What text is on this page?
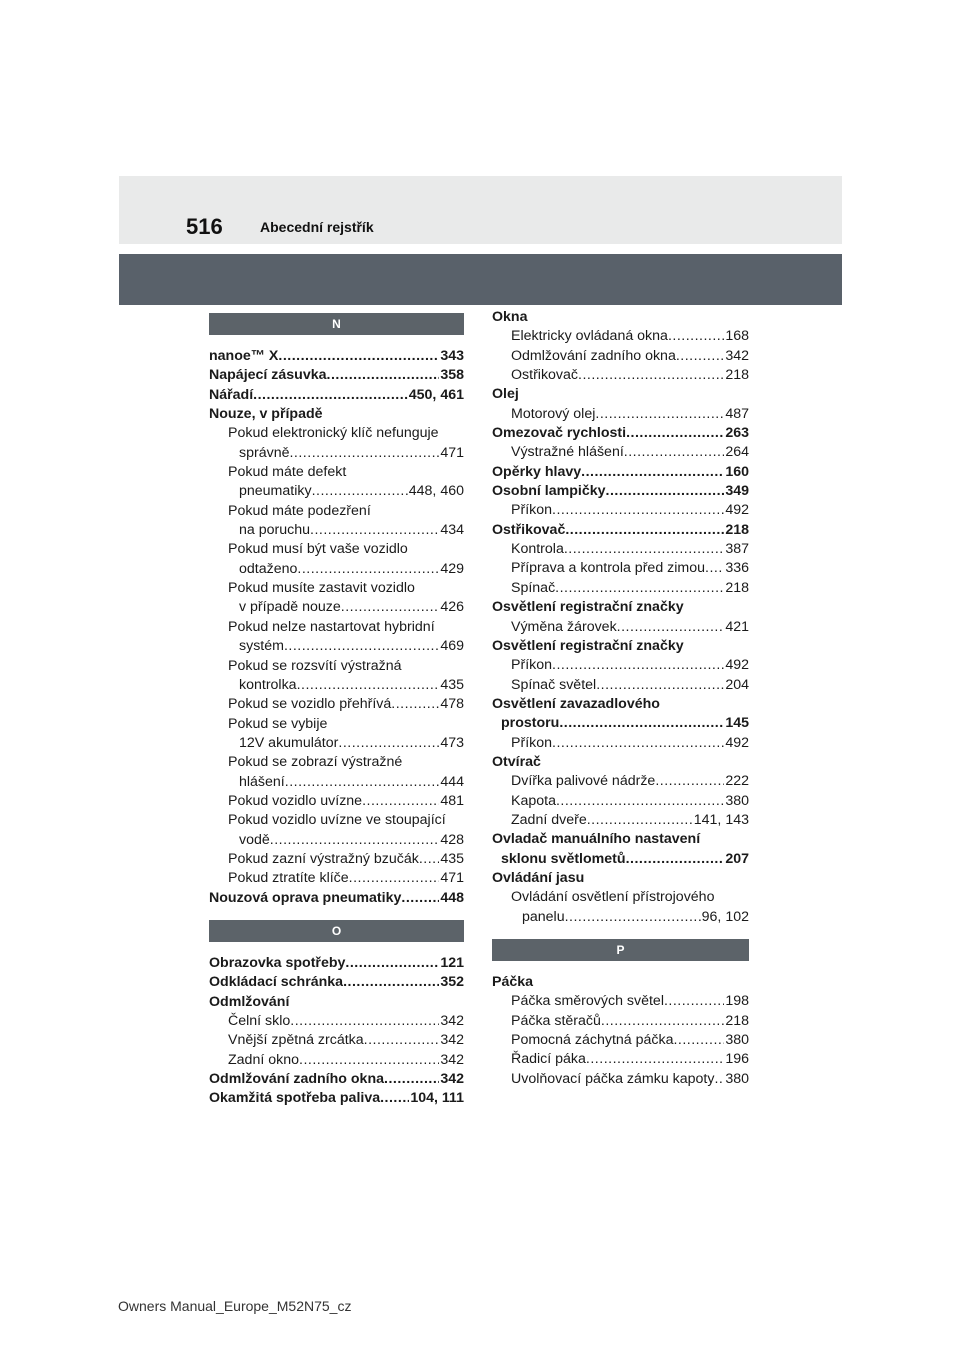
516	Abecední rejstřík
N
nanoe™ X .....	343
Napájecí zásuvka .....	358
Nářadí .....	450, 461
Nouze, v případě
Pokud elektronický klíč nefunguje
správně .....	471
Pokud máte defekt
pneumatiky .....	448, 460
Pokud máte podezření
na poruchu .....	434
Pokud musí být vaše vozidlo
odtaženo .....	429
Pokud musíte zastavit vozidlo
v případě nouze .....	426
Pokud nelze nastartovat hybridní
systém .....	469
Pokud se rozsvítí výstražná
kontrolka .....	435
Pokud se vozidlo přehřívá .....	478
Pokud se vybije
12V akumulátor .....	473
Pokud se zobrazí výstražné
hlášení .....	444
Pokud vozidlo uvízne .....	481
Pokud vozidlo uvízne ve stoupající
vodě .....	428
Pokud zazní výstražný bzučák ..... 435
Pokud ztratíte klíče .....	471
Nouzová oprava pneumatiky .....	448
O
Obrazovka spotřeby .....	121
Odkládací schránka .....	352
Odmlžování
Čelní sklo .....	342
Vnější zpětná zrcátka .....	342
Zadní okno .....	342
Odmlžování zadního okna .....	342
Okamžitá spotřeba paliva ..... 104, 111
Okna
Elektricky ovládaná okna .....	168
Odmlžování zadního okna .....	342
Ostřikovač .....	218
Olej
Motorový olej .....	487
Omezovač rychlosti .....	263
Výstražné hlášení .....	264
Opěrky hlavy .....	160
Osobní lampičky .....	349
Příkon .....	492
Ostřikovač .....	218
Kontrola .....	387
Příprava a kontrola před zimou ..... 336
Spínač .....	218
Osvětlení registrační značky
Výměna žárovek .....	421
Osvětlení registrační značky
Příkon .....	492
Spínač světel .....	204
Osvětlení zavazadlového
prostoru .....	145
Příkon .....	492
Otvírač
Dvířka palivové nádrže .....	222
Kapota .....	380
Zadní dveře .....	141, 143
Ovladač manuálního nastavení
sklonu světlometů .....	207
Ovládání jasu
Ovládání osvětlení přístrojového
panelu .....	96, 102
P
Páčka
Páčka směrových světel .....	198
Páčka stěračů .....	218
Pomocná záchytná páčka .....	380
Řadicí páka .....	196
Uvolňovací páčka zámku kapoty ..... 380
Owners Manual_Europe_M52N75_cz
